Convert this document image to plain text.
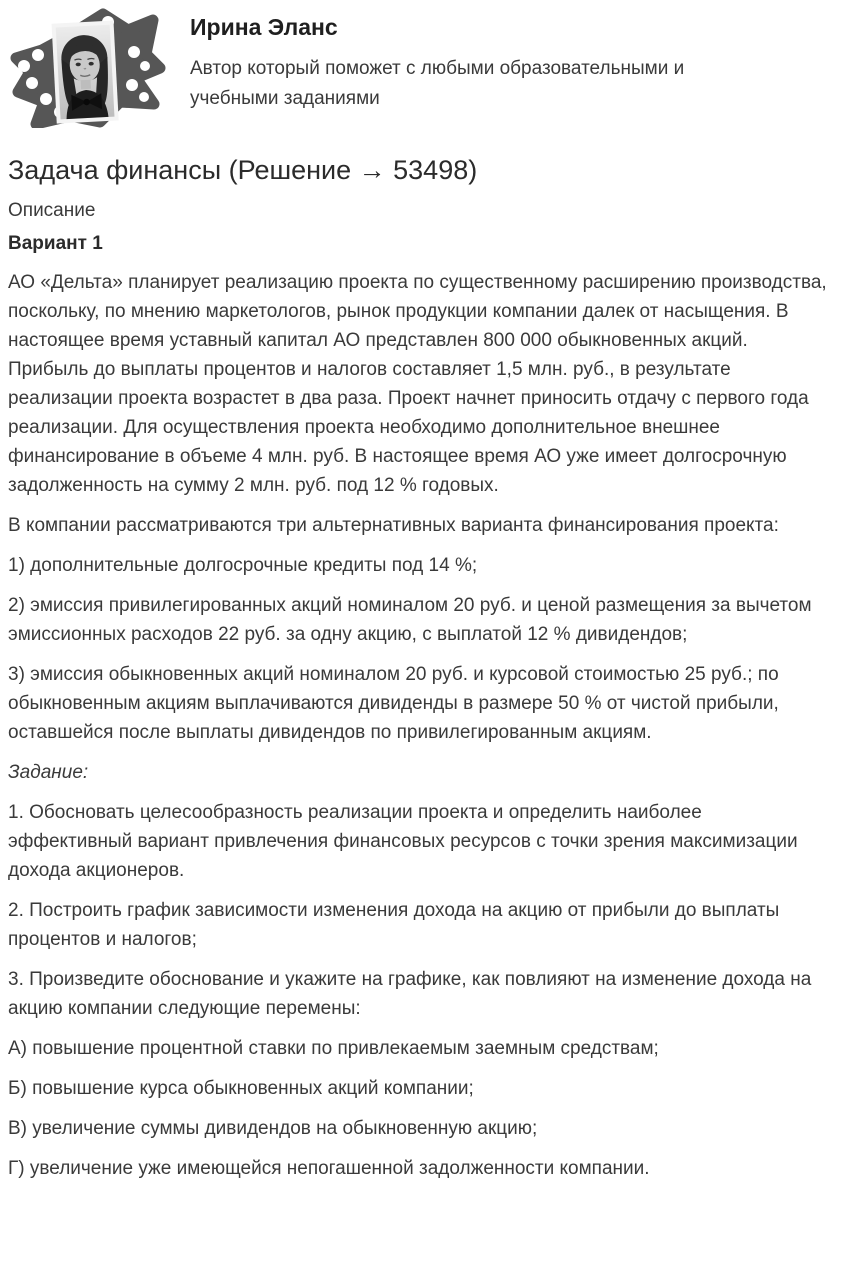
Ирина Эланс

Автор который поможет с любыми образовательными и учебными заданиями

Задача финансы (Решение → 53498)
Описание
Вариант 1

АО «Дельта» планирует реализацию проекта по существенному расширению производства, поскольку, по мнению маркетологов, рынок продукции компании далек от насыщения. В настоящее время уставный капитал АО представлен 800 000 обыкновенных акций. Прибыль до выплаты процентов и налогов составляет 1,5 млн. руб., в результате реализации проекта возрастет в два раза. Проект начнет приносить отдачу с первого года реализации. Для осуществления проекта необходимо дополнительное внешнее финансирование в объеме 4 млн. руб. В настоящее время АО уже имеет долгосрочную задолженность на сумму 2 млн. руб. под 12 % годовых.

В компании рассматриваются три альтернативных варианта финансирования проекта:

1) дополнительные долгосрочные кредиты под 14 %;

2) эмиссия привилегированных акций номиналом 20 руб. и ценой размещения за вычетом эмиссионных расходов 22 руб. за одну акцию, с выплатой 12 % дивидендов;

3) эмиссия обыкновенных акций номиналом 20 руб. и курсовой стоимостью 25 руб.; по обыкновенным акциям выплачиваются дивиденды в размере 50 % от чистой прибыли, оставшейся после выплаты дивидендов по привилегированным акциям.

Задание:

1. Обосновать целесообразность реализации проекта и определить наиболее эффективный вариант привлечения финансовых ресурсов с точки зрения максимизации дохода акционеров.

2. Построить график зависимости изменения дохода на акцию от прибыли до выплаты процентов и налогов;

3. Произведите обоснование и укажите на графике, как повлияют на изменение дохода на акцию компании следующие перемены:

А) повышение процентной ставки по привлекаемым заемным средствам;

Б) повышение курса обыкновенных акций компании;

В) увеличение суммы дивидендов на обыкновенную акцию;

Г) увеличение уже имеющейся непогашенной задолженности компании.
